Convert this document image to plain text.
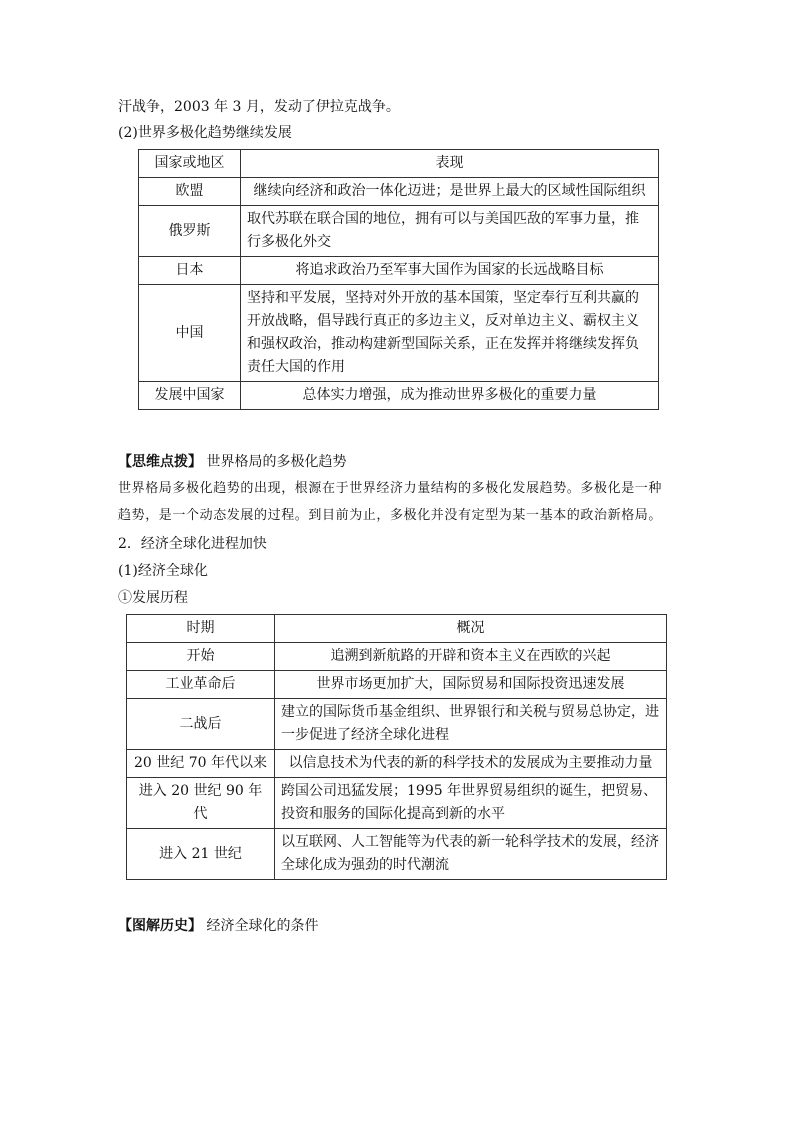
汗战争，2003 年 3 月，发动了伊拉克战争。
(2)世界多极化趋势继续发展
国家或地区	表现
欧盟	继续向经济和政治一体化迈进；是世界上最大的区域性国际组织
俄罗斯	取代苏联在联合国的地位，拥有可以与美国匹敌的军事力量，推行多极化外交
日本	将追求政治乃至军事大国作为国家的长远战略目标
中国	坚持和平发展，坚持对外开放的基本国策，坚定奉行互利共赢的开放战略，倡导践行真正的多边主义，反对单边主义、霸权主义和强权政治，推动构建新型国际关系，正在发挥并将继续发挥负责任大国的作用
发展中国家	总体实力增强，成为推动世界多极化的重要力量
【思维点拨】 世界格局的多极化趋势
世界格局多极化趋势的出现，根源在于世界经济力量结构的多极化发展趋势。多极化是一种
趋势，是一个动态发展的过程。到目前为止，多极化并没有定型为某一基本的政治新格局。
2．经济全球化进程加快
(1)经济全球化
①发展历程
时期	概况
开始	追溯到新航路的开辟和资本主义在西欧的兴起
工业革命后	世界市场更加扩大，国际贸易和国际投资迅速发展
二战后	建立的国际货币基金组织、世界银行和关税与贸易总协定，进一步促进了经济全球化进程
20 世纪 70 年代以来	以信息技术为代表的新的科学技术的发展成为主要推动力量
进入 20 世纪 90 年代	跨国公司迅猛发展；1995 年世界贸易组织的诞生，把贸易、投资和服务的国际化提高到新的水平
进入 21 世纪	以互联网、人工智能等为代表的新一轮科学技术的发展，经济全球化成为强劲的时代潮流
【图解历史】 经济全球化的条件
